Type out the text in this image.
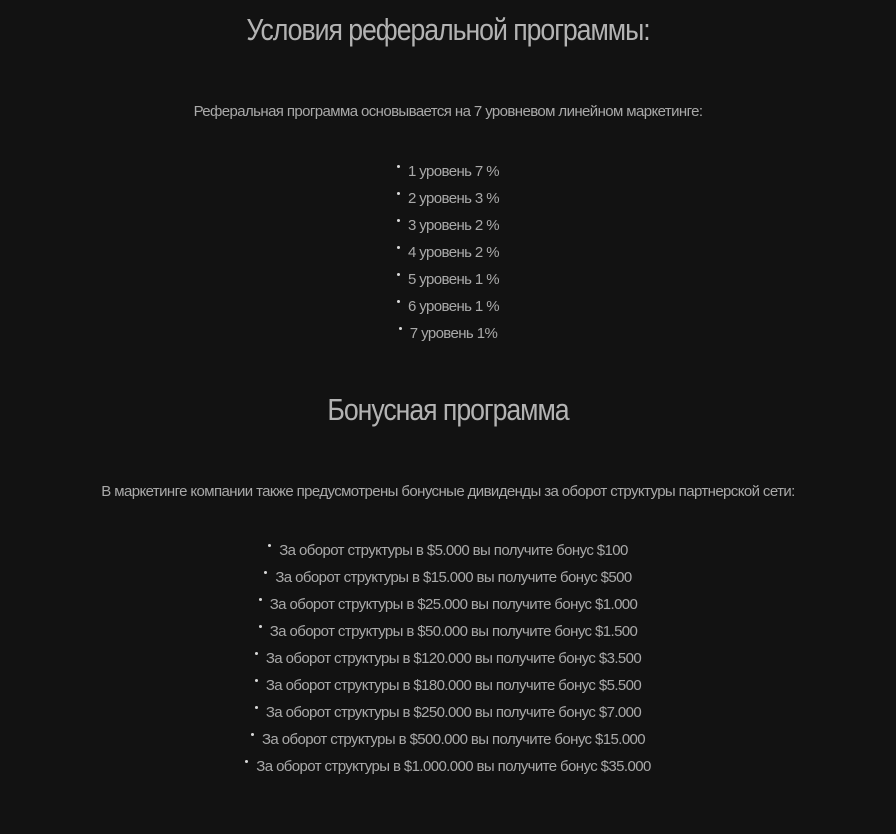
Условия реферальной программы:

Реферальная программа основывается на 7 уровневом линейном маркетинге:

1 уровень 7 %
2 уровень 3 %
3 уровень 2 %
4 уровень 2 %
5 уровень 1 %
6 уровень 1 %
7 уровень 1%
Бонусная программа

В маркетинге компании также предусмотрены бонусные дивиденды за оборот структуры партнерской сети:

За оборот структуры в $5.000 вы получите бонус $100
За оборот структуры в $15.000 вы получите бонус $500
За оборот структуры в $25.000 вы получите бонус $1.000
За оборот структуры в $50.000 вы получите бонус $1.500
За оборот структуры в $120.000 вы получите бонус $3.500
За оборот структуры в $180.000 вы получите бонус $5.500
За оборот структуры в $250.000 вы получите бонус $7.000
За оборот структуры в $500.000 вы получите бонус $15.000
За оборот структуры в $1.000.000 вы получите бонус $35.000
